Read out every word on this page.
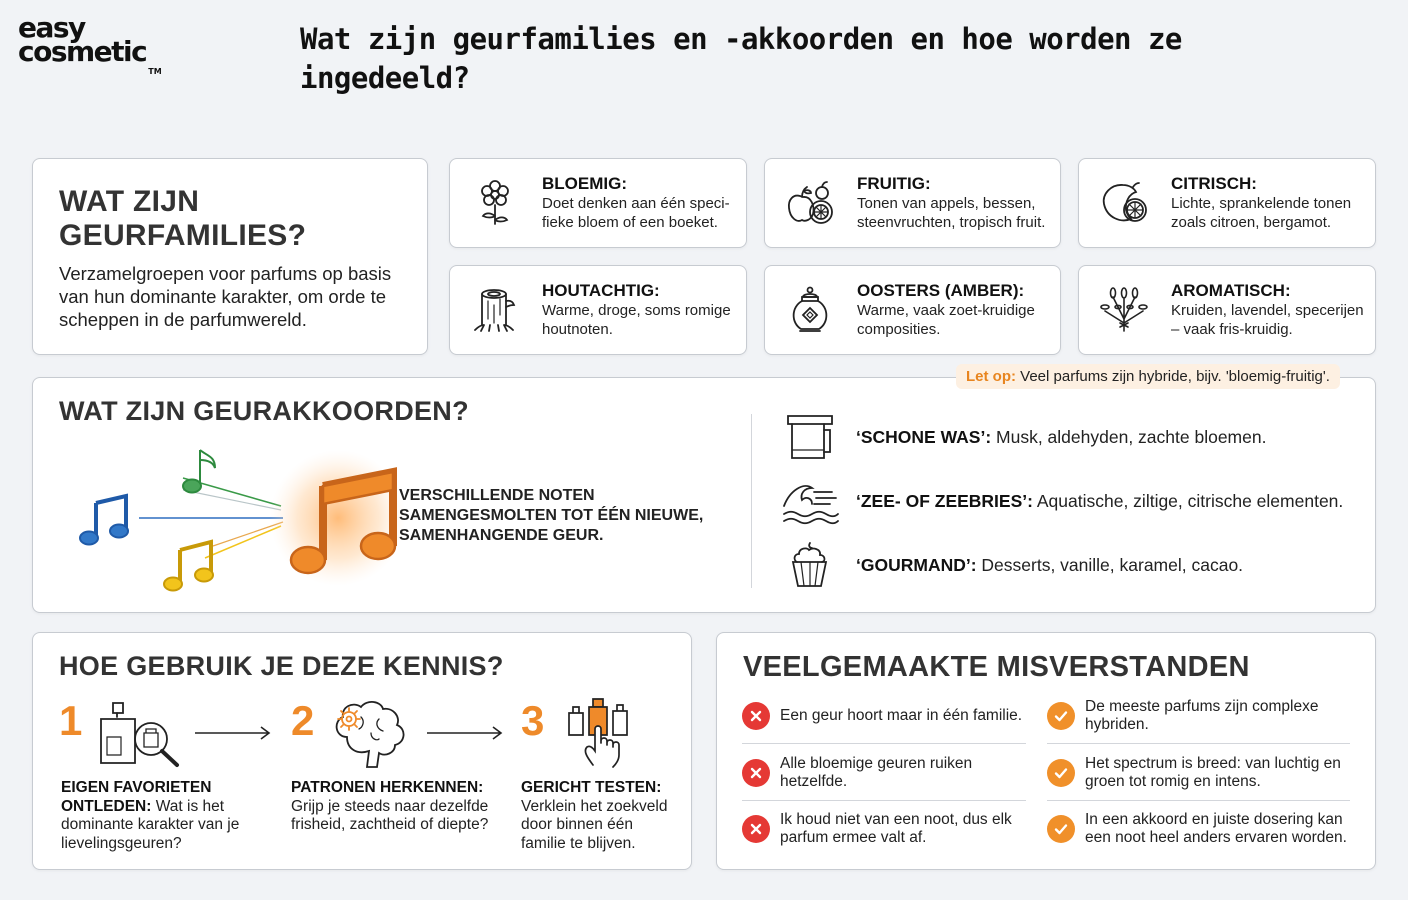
easy
cosmetic™
Wat zijn geurfamilies en -akkoorden en hoe worden ze ingedeeld?
WAT ZIJN
GEURFAMILIES?
Verzamelgroepen voor parfums op basis van hun dominante karakter, om orde te scheppen in de parfumwereld.
BLOEMIG:
Doet denken aan één speci-fieke bloem of een boeket.
FRUITIG:
Tonen van appels, bessen, steenvruchten, tropisch fruit.
CITRISCH:
Lichte, sprankelende tonen zoals citroen, bergamot.
HOUTACHTIG:
Warme, droge, soms romige houtnoten.
OOSTERS (AMBER):
Warme, vaak zoet-kruidige composities.
AROMATISCH:
Kruiden, lavendel, specerijen – vaak fris-kruidig.
WAT ZIJN GEURAKKOORDEN?
VERSCHILLENDE NOTEN SAMENGESMOLTEN TOT ÉÉN NIEUWE, SAMENHANGENDE GEUR.
Let op: Veel parfums zijn hybride, bijv. 'bloemig-fruitig'.
‘SCHONE WAS’: Musk, aldehyden, zachte bloemen.
‘ZEE- OF ZEEBRIES’: Aquatische, ziltige, citrische elementen.
‘GOURMAND’: Desserts, vanille, karamel, cacao.
HOE GEBRUIK JE DEZE KENNIS?
1	2	3
EIGEN FAVORIETEN ONTLEDEN: Wat is het dominante karakter van je lievelingsgeuren?
PATRONEN HERKENNEN: Grijp je steeds naar dezelfde frisheid, zachtheid of diepte?
GERICHT TESTEN: Verklein het zoekveld door binnen één familie te blijven.
VEELGEMAAKTE MISVERSTANDEN
Een geur hoort maar in één familie.
De meeste parfums zijn complexe hybriden.
Alle bloemige geuren ruiken hetzelfde.
Het spectrum is breed: van luchtig en groen tot romig en intens.
Ik houd niet van een noot, dus elk parfum ermee valt af.
In een akkoord en juiste dosering kan een noot heel anders ervaren worden.
